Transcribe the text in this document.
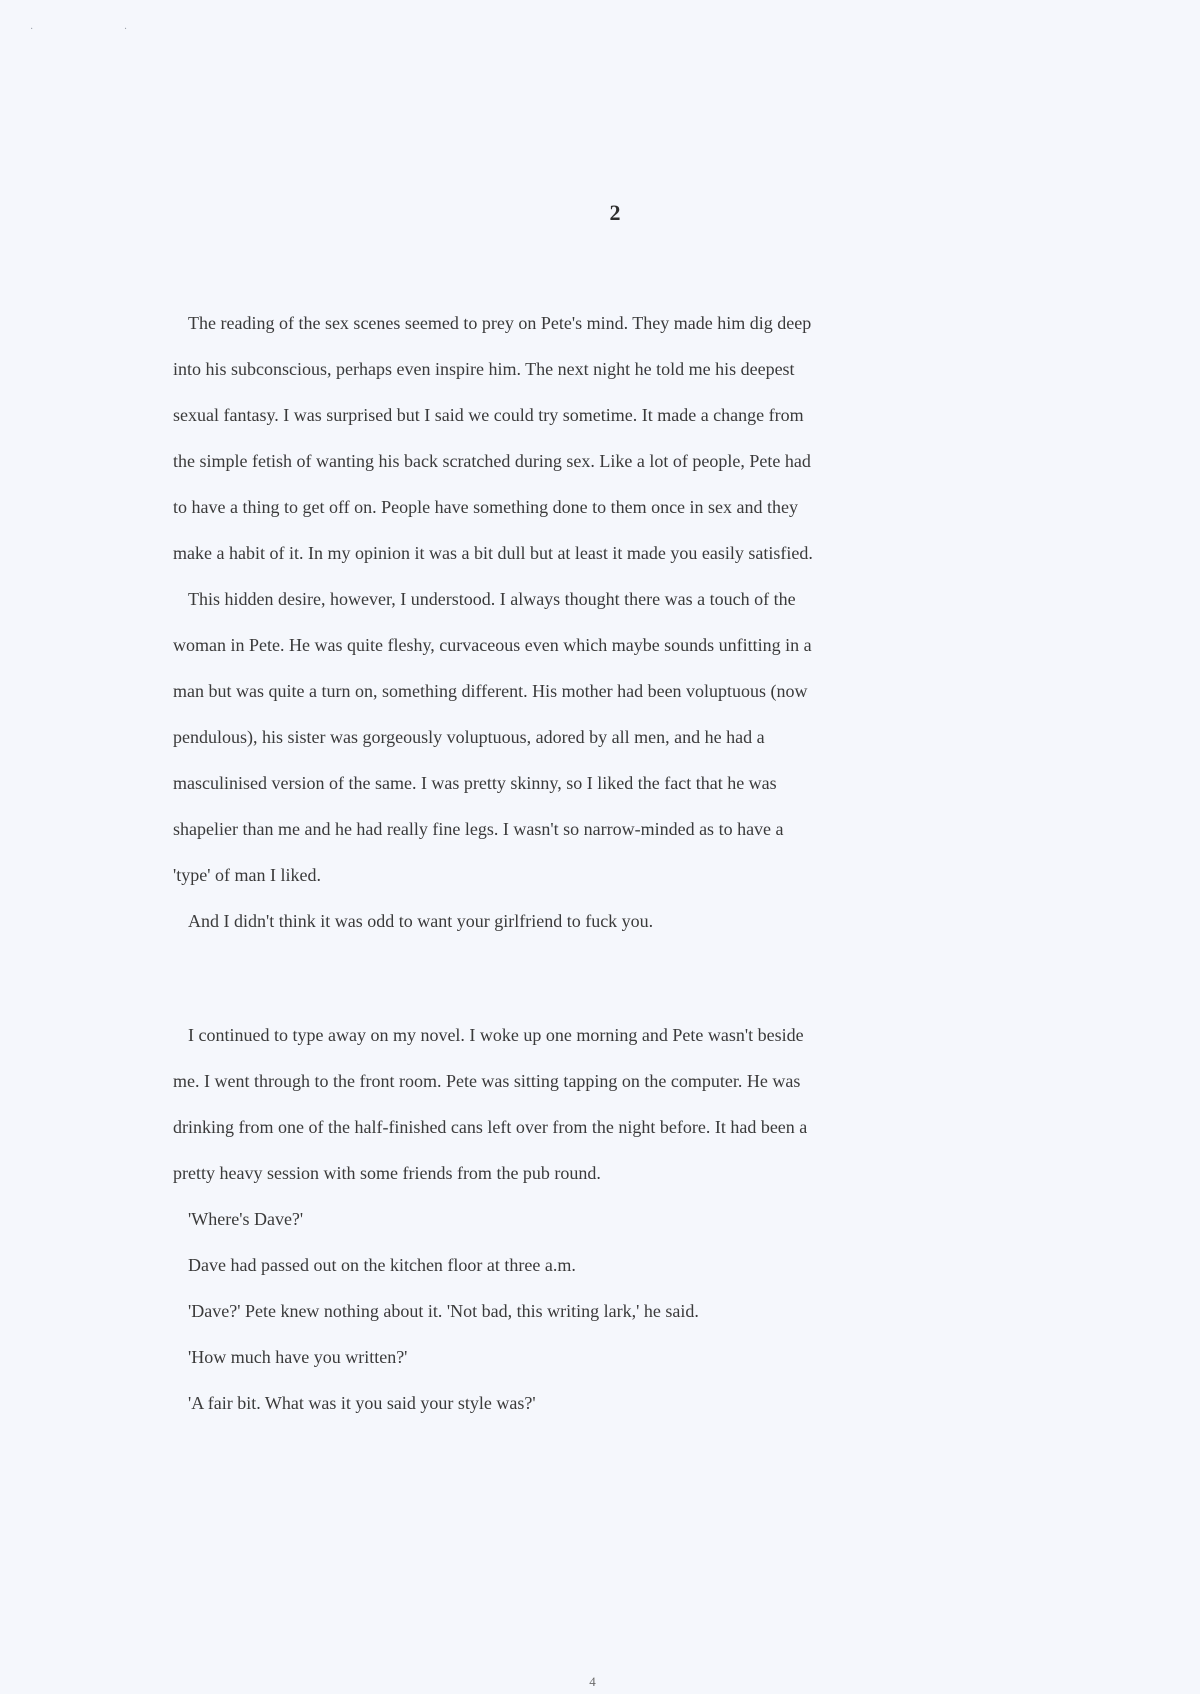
· ·
2
The reading of the sex scenes seemed to prey on Pete's mind. They made him dig deep
into his subconscious, perhaps even inspire him. The next night he told me his deepest
sexual fantasy. I was surprised but I said we could try sometime. It made a change from
the simple fetish of wanting his back scratched during sex. Like a lot of people, Pete had
to have a thing to get off on. People have something done to them once in sex and they
make a habit of it. In my opinion it was a bit dull but at least it made you easily satisfied.
This hidden desire, however, I understood. I always thought there was a touch of the
woman in Pete. He was quite fleshy, curvaceous even which maybe sounds unfitting in a
man but was quite a turn on, something different. His mother had been voluptuous (now
pendulous), his sister was gorgeously voluptuous, adored by all men, and he had a
masculinised version of the same. I was pretty skinny, so I liked the fact that he was
shapelier than me and he had really fine legs. I wasn't so narrow-minded as to have a
'type' of man I liked.
And I didn't think it was odd to want your girlfriend to fuck you.
I continued to type away on my novel. I woke up one morning and Pete wasn't beside
me. I went through to the front room. Pete was sitting tapping on the computer. He was
drinking from one of the half-finished cans left over from the night before. It had been a
pretty heavy session with some friends from the pub round.
'Where's Dave?'
Dave had passed out on the kitchen floor at three a.m.
'Dave?' Pete knew nothing about it. 'Not bad, this writing lark,' he said.
'How much have you written?'
'A fair bit. What was it you said your style was?'
4
